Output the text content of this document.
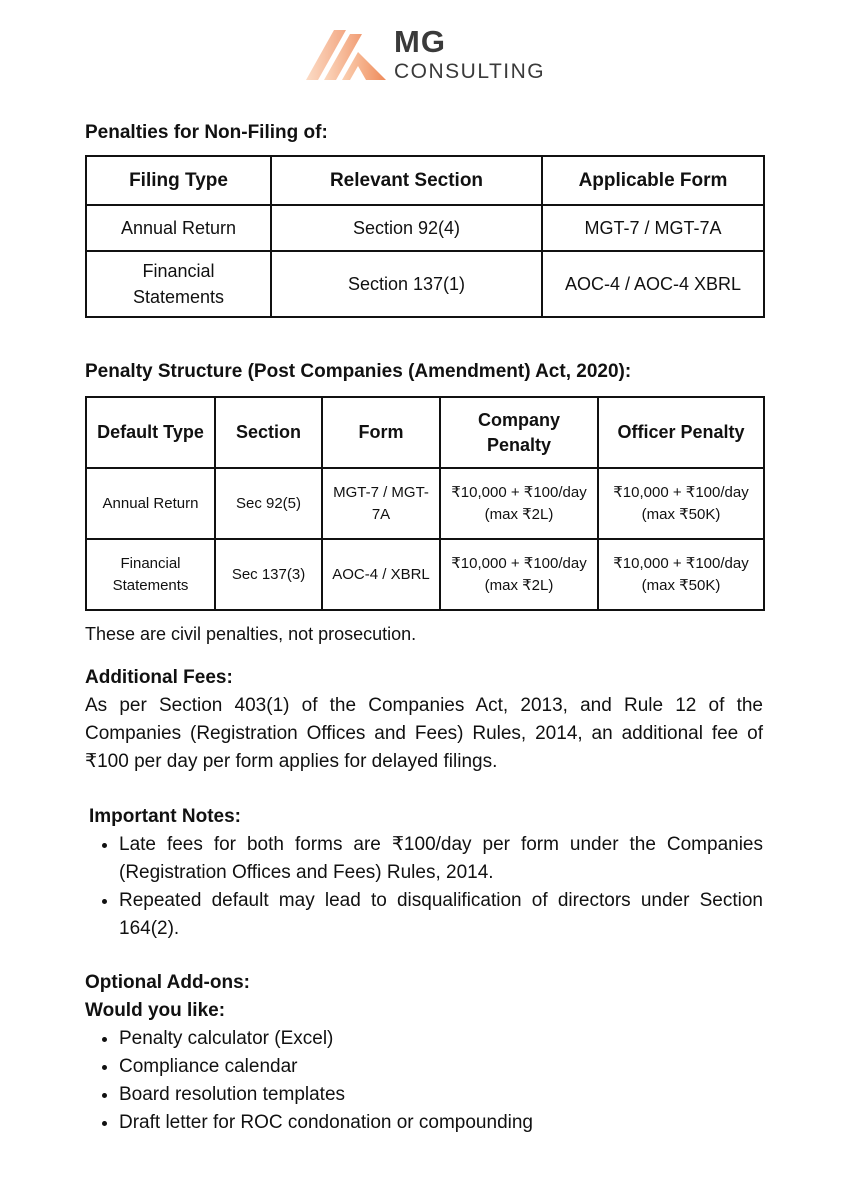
MG
CONSULTING
Penalties for Non-Filing of:
Filing Type	Relevant Section	Applicable Form
Annual Return	Section 92(4)	MGT-7 / MGT-7A
Financial Statements	Section 137(1)	AOC-4 / AOC-4 XBRL
Penalty Structure (Post Companies (Amendment) Act, 2020):
Default Type	Section	Form	Company Penalty	Officer Penalty
Annual Return	Sec 92(5)	MGT-7 / MGT-7A	₹10,000 + ₹100/day (max ₹2L)	₹10,000 + ₹100/day (max ₹50K)
Financial Statements	Sec 137(3)	AOC-4 / XBRL	₹10,000 + ₹100/day (max ₹2L)	₹10,000 + ₹100/day (max ₹50K)
These are civil penalties, not prosecution.
Additional Fees:
As per Section 403(1) of the Companies Act, 2013, and Rule 12 of the Companies (Registration Offices and Fees) Rules, 2014, an additional fee of ₹100 per day per form applies for delayed filings.
Important Notes:
• Late fees for both forms are ₹100/day per form under the Companies (Registration Offices and Fees) Rules, 2014.
• Repeated default may lead to disqualification of directors under Section 164(2).
Optional Add-ons:
Would you like:
• Penalty calculator (Excel)
• Compliance calendar
• Board resolution templates
• Draft letter for ROC condonation or compounding
